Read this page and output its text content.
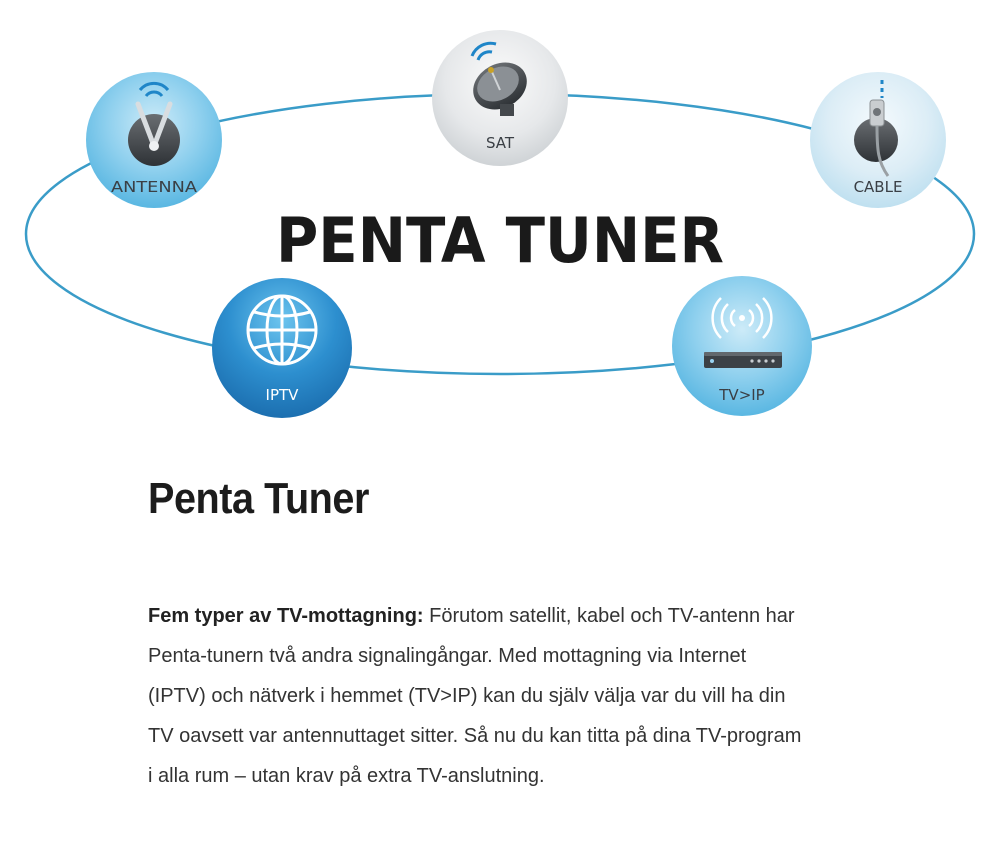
PENTA TUNER
ANTENNA
SAT
CABLE
IPTV	TV>IP
Penta Tuner

Fem typer av TV-mottagning: Förutom satellit, kabel och TV-antenn har Penta-tunern två andra signalingångar. Med mottagning via Internet (IPTV) och nätverk i hemmet (TV>IP) kan du själv välja var du vill ha din TV oavsett var antennuttaget sitter. Så nu du kan titta på dina TV-program i alla rum – utan krav på extra TV-anslutning.
